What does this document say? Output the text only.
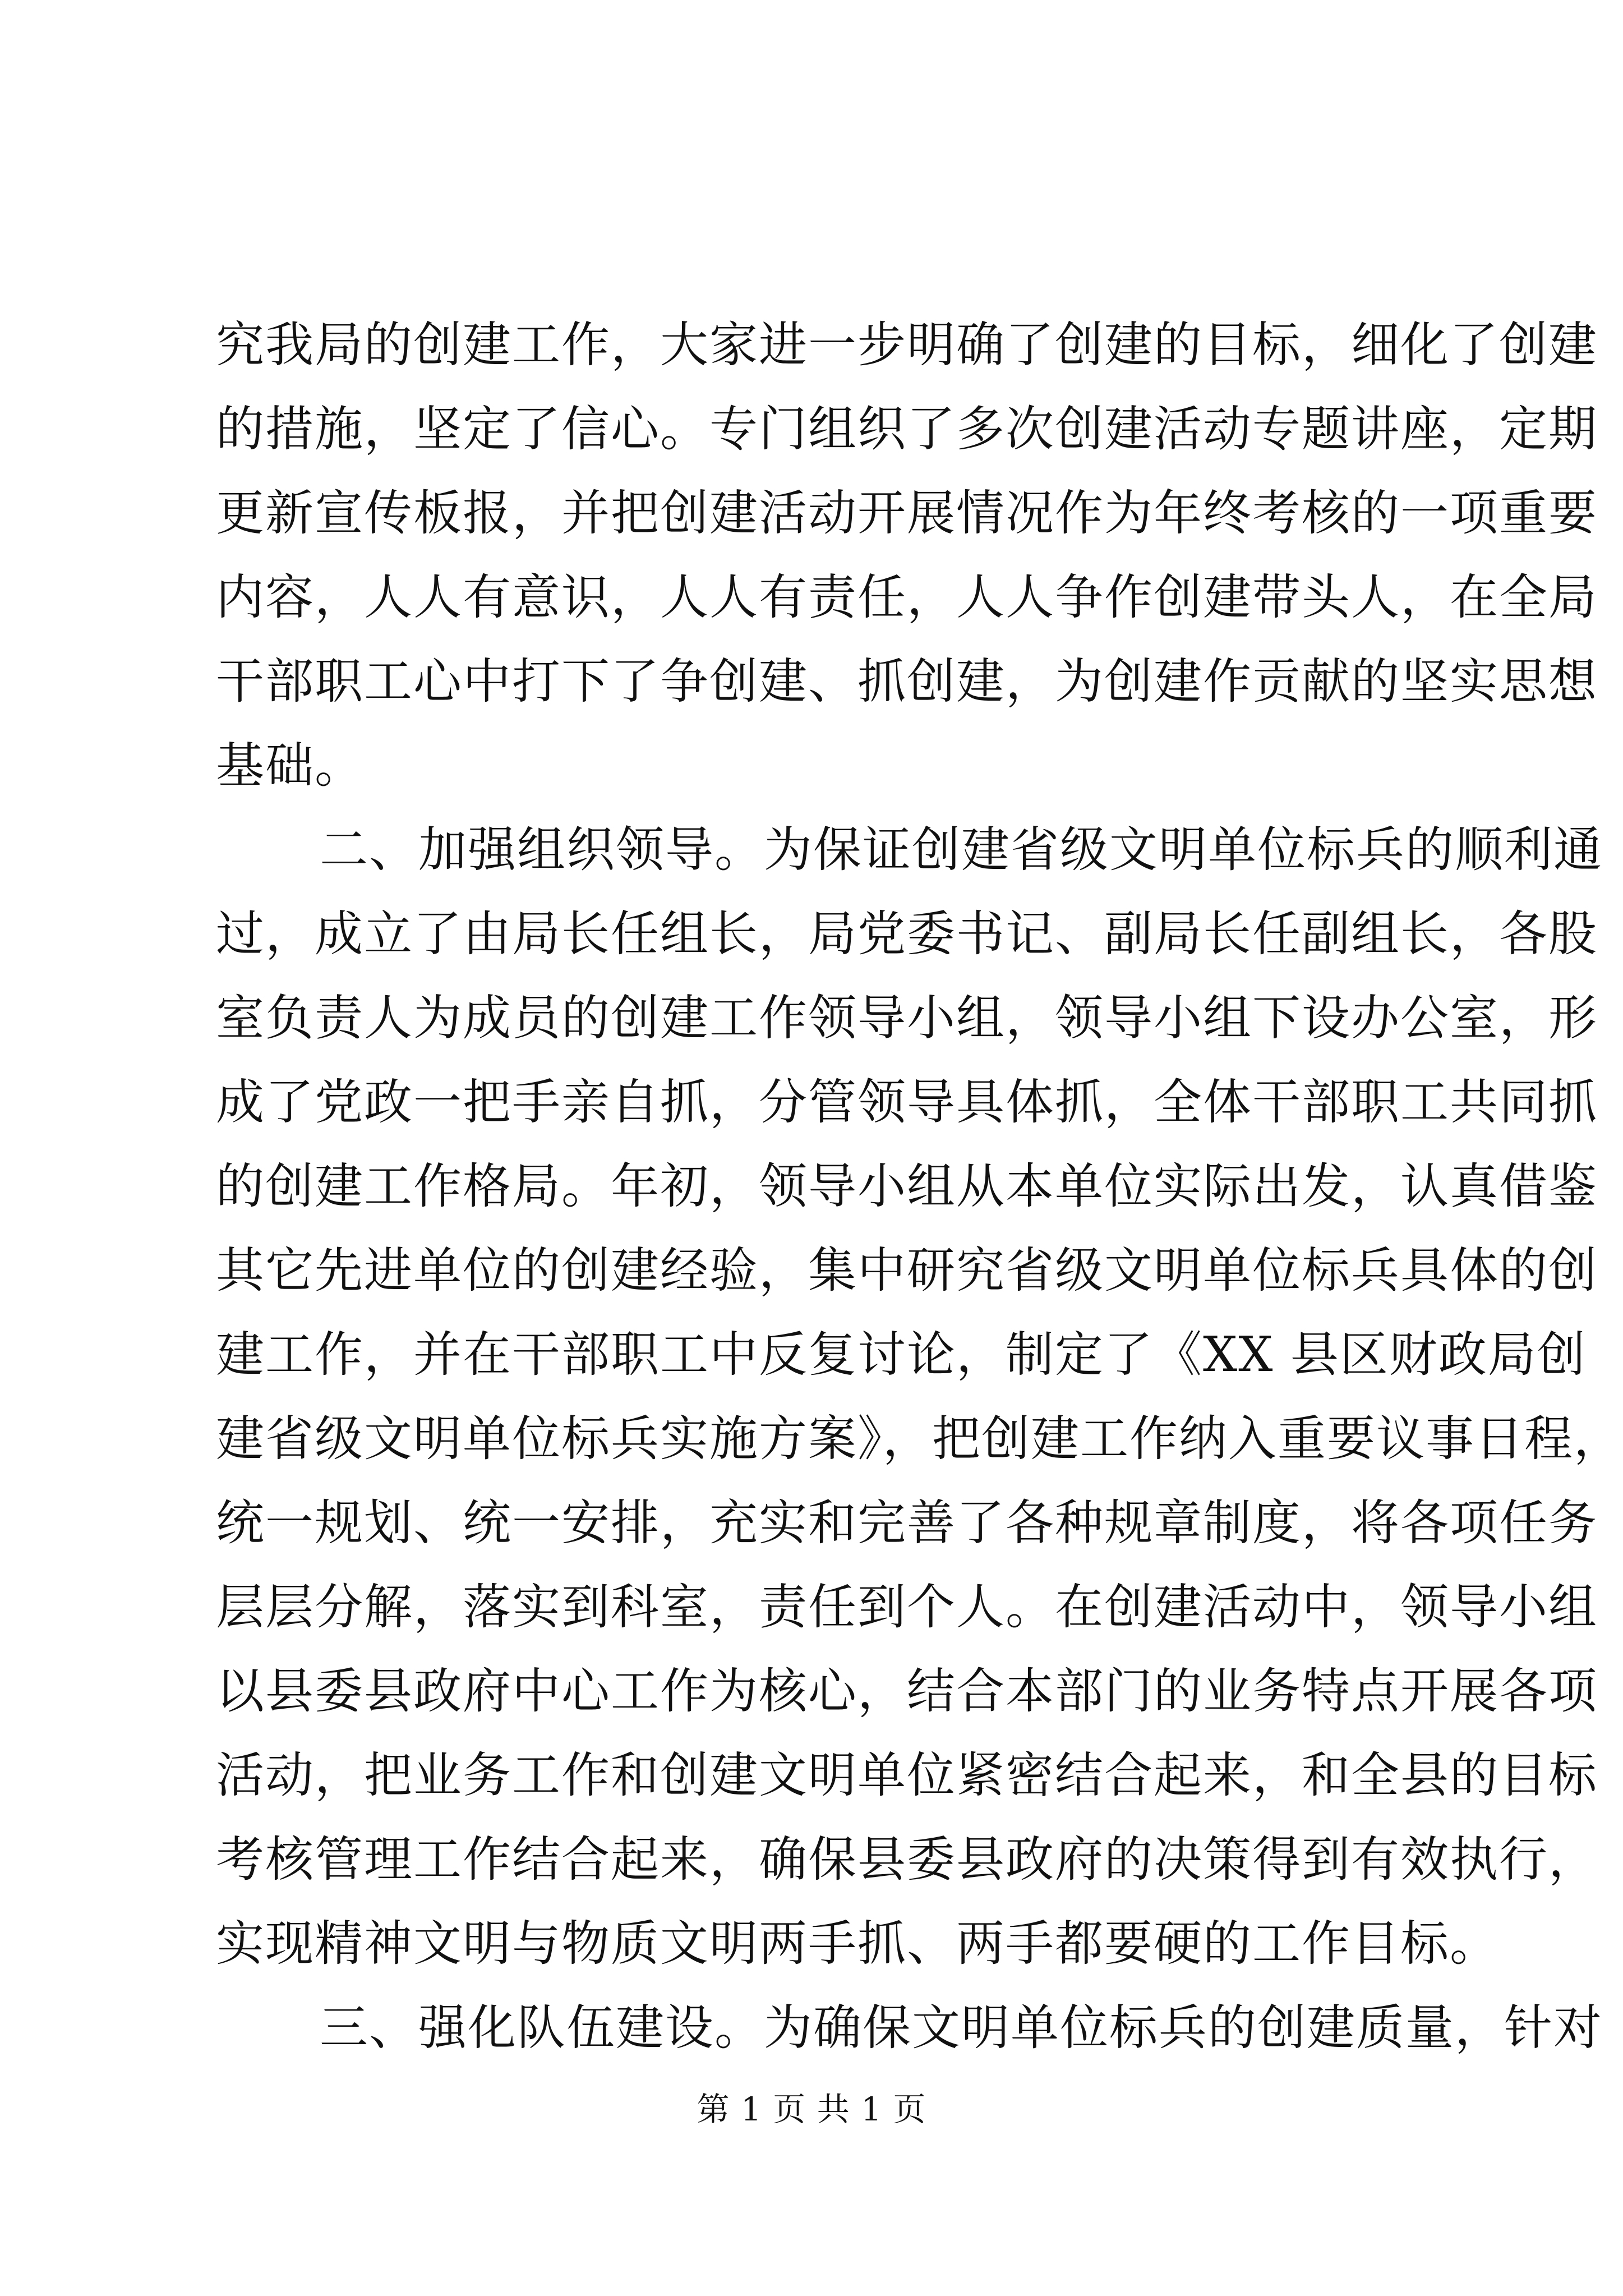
究我局的创建工作，大家进一步明确了创建的目标，细化了创建
的措施，坚定了信心。专门组织了多次创建活动专题讲座，定期
更新宣传板报，并把创建活动开展情况作为年终考核的一项重要
内容，人人有意识，人人有责任，人人争作创建带头人，在全局
干部职工心中打下了争创建、抓创建，为创建作贡献的坚实思想
基础。
二、加强组织领导。为保证创建省级文明单位标兵的顺利通
过，成立了由局长任组长，局党委书记、副局长任副组长，各股
室负责人为成员的创建工作领导小组，领导小组下设办公室，形
成了党政一把手亲自抓，分管领导具体抓，全体干部职工共同抓
的创建工作格局。年初，领导小组从本单位实际出发，认真借鉴
其它先进单位的创建经验，集中研究省级文明单位标兵具体的创
建工作，并在干部职工中反复讨论，制定了《XX 县区财政局创
建省级文明单位标兵实施方案》，把创建工作纳入重要议事日程，
统一规划、统一安排，充实和完善了各种规章制度，将各项任务
层层分解，落实到科室，责任到个人。在创建活动中，领导小组
以县委县政府中心工作为核心，结合本部门的业务特点开展各项
活动，把业务工作和创建文明单位紧密结合起来，和全县的目标
考核管理工作结合起来，确保县委县政府的决策得到有效执行，
实现精神文明与物质文明两手抓、两手都要硬的工作目标。
三、强化队伍建设。为确保文明单位标兵的创建质量，针对
第 1 页 共 1 页
